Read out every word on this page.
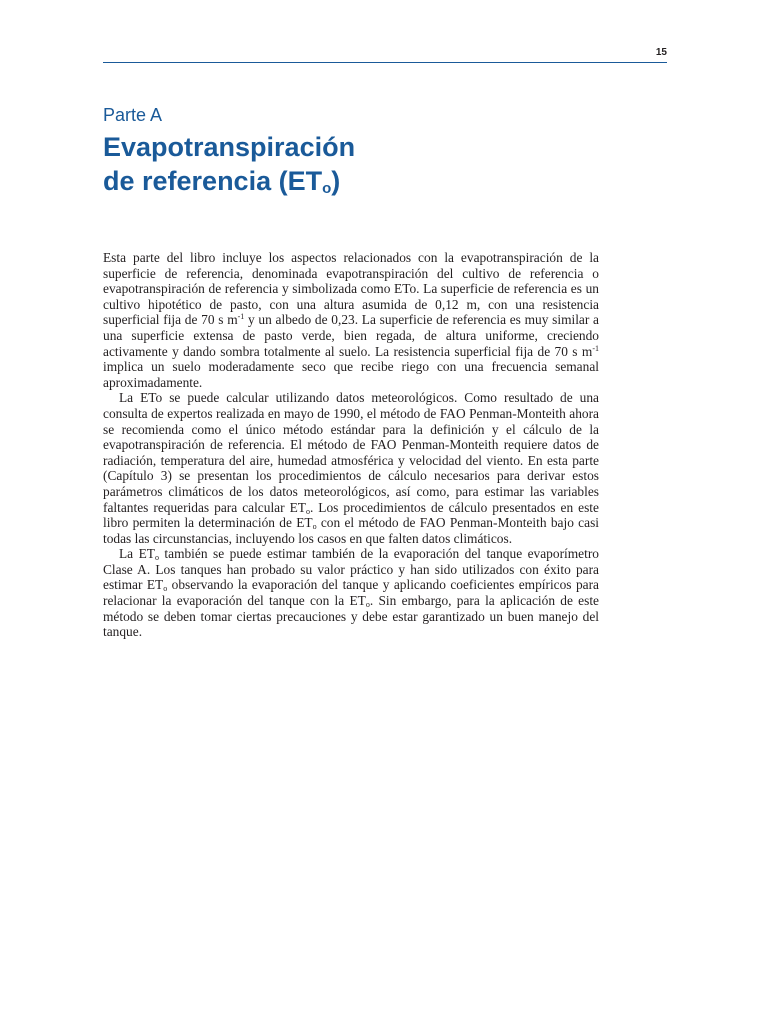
15
Parte A
Evapotranspiración
de referencia $(ET_o)$

Esta parte del libro incluye los aspectos relacionados con la evapotranspiración de la superficie de referencia, denominada evapotranspiración del cultivo de referencia o evapotranspiración de referencia y simbolizada como ETo. La superficie de referencia es un cultivo hipotético de pasto, con una altura asumida de 0,12 m, con una resistencia superficial fija de 70 s $m^{-1}$ y un albedo de 0,23. La superficie de referencia es muy similar a una superficie extensa de pasto verde, bien regada, de altura uniforme, creciendo activamente y dando sombra totalmente al suelo. La resistencia superficial fija de 70 s $m^{-1}$ implica un suelo moderadamente seco que recibe riego con una frecuencia semanal aproximadamente.

La ETo se puede calcular utilizando datos meteorológicos. Como resultado de una consulta de expertos realizada en mayo de 1990, el método de FAO Penman-Monteith ahora se recomienda como el único método estándar para la definición y el cálculo de la evapotranspiración de referencia. El método de FAO Penman-Monteith requiere datos de radiación, temperatura del aire, humedad atmosférica y velocidad del viento. En esta parte (Capítulo 3) se presentan los procedimientos de cálculo necesarios para derivar estos parámetros climáticos de los datos meteorológicos, así como, para estimar las variables faltantes requeridas para calcular $ET_o$. Los procedimientos de cálculo presentados en este libro permiten la determinación de $ET_o$ con el método de FAO Penman-Monteith bajo casi todas las circunstancias, incluyendo los casos en que falten datos climáticos.

La $ET_o$ también se puede estimar también de la evaporación del tanque evaporímetro Clase A. Los tanques han probado su valor práctico y han sido utilizados con éxito para estimar $ET_o$ observando la evaporación del tanque y aplicando coeficientes empíricos para relacionar la evaporación del tanque con la $ET_o$. Sin embargo, para la aplicación de este método se deben tomar ciertas precauciones y debe estar garantizado un buen manejo del tanque.
